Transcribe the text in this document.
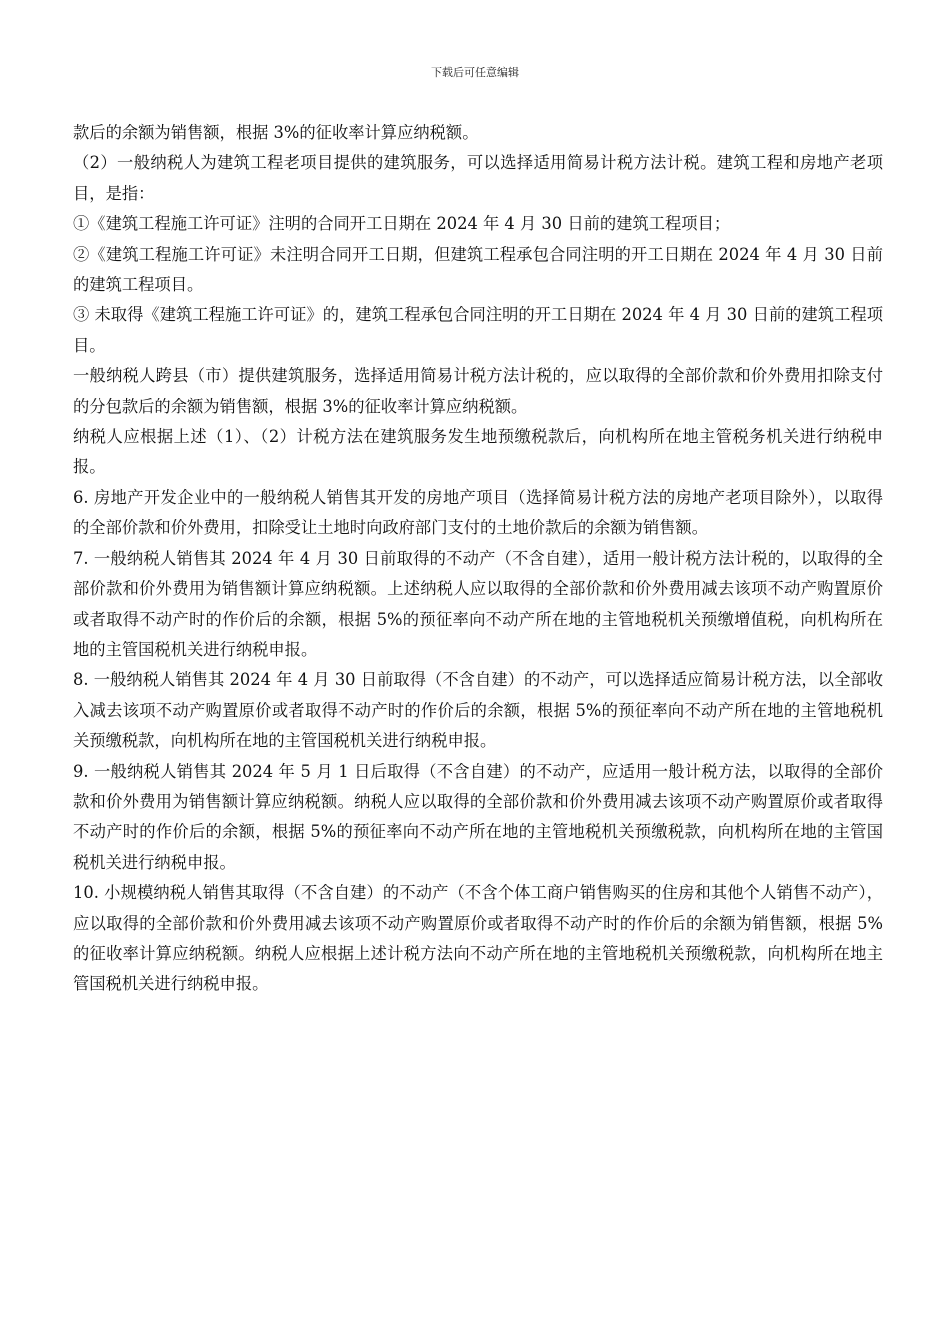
下载后可任意编辑

款后的余额为销售额，根据 3%的征收率计算应纳税额。

（2）一般纳税人为建筑工程老项目提供的建筑服务，可以选择适用简易计税方法计税。建筑工程和房地产老项目，是指：

①《建筑工程施工许可证》注明的合同开工日期在 2024 年 4 月 30 日前的建筑工程项目；

②《建筑工程施工许可证》未注明合同开工日期，但建筑工程承包合同注明的开工日期在 2024 年 4 月 30 日前的建筑工程项目。

③ 未取得《建筑工程施工许可证》的，建筑工程承包合同注明的开工日期在 2024 年 4 月 30 日前的建筑工程项目。

一般纳税人跨县（市）提供建筑服务，选择适用简易计税方法计税的，应以取得的全部价款和价外费用扣除支付的分包款后的余额为销售额，根据 3%的征收率计算应纳税额。

纳税人应根据上述（1）、（2）计税方法在建筑服务发生地预缴税款后，向机构所在地主管税务机关进行纳税申报。

6. 房地产开发企业中的一般纳税人销售其开发的房地产项目（选择简易计税方法的房地产老项目除外），以取得的全部价款和价外费用，扣除受让土地时向政府部门支付的土地价款后的余额为销售额。

7. 一般纳税人销售其 2024 年 4 月 30 日前取得的不动产（不含自建），适用一般计税方法计税的，以取得的全部价款和价外费用为销售额计算应纳税额。上述纳税人应以取得的全部价款和价外费用减去该项不动产购置原价或者取得不动产时的作价后的余额，根据 5%的预征率向不动产所在地的主管地税机关预缴增值税，向机构所在地的主管国税机关进行纳税申报。

8. 一般纳税人销售其 2024 年 4 月 30 日前取得（不含自建）的不动产，可以选择适应简易计税方法，以全部收入减去该项不动产购置原价或者取得不动产时的作价后的余额，根据 5%的预征率向不动产所在地的主管地税机关预缴税款，向机构所在地的主管国税机关进行纳税申报。

9. 一般纳税人销售其 2024 年 5 月 1 日后取得（不含自建）的不动产，应适用一般计税方法，以取得的全部价款和价外费用为销售额计算应纳税额。纳税人应以取得的全部价款和价外费用减去该项不动产购置原价或者取得不动产时的作价后的余额，根据 5%的预征率向不动产所在地的主管地税机关预缴税款，向机构所在地的主管国税机关进行纳税申报。

10. 小规模纳税人销售其取得（不含自建）的不动产（不含个体工商户销售购买的住房和其他个人销售不动产），应以取得的全部价款和价外费用减去该项不动产购置原价或者取得不动产时的作价后的余额为销售额，根据 5%的征收率计算应纳税额。纳税人应根据上述计税方法向不动产所在地的主管地税机关预缴税款，向机构所在地主管国税机关进行纳税申报。
